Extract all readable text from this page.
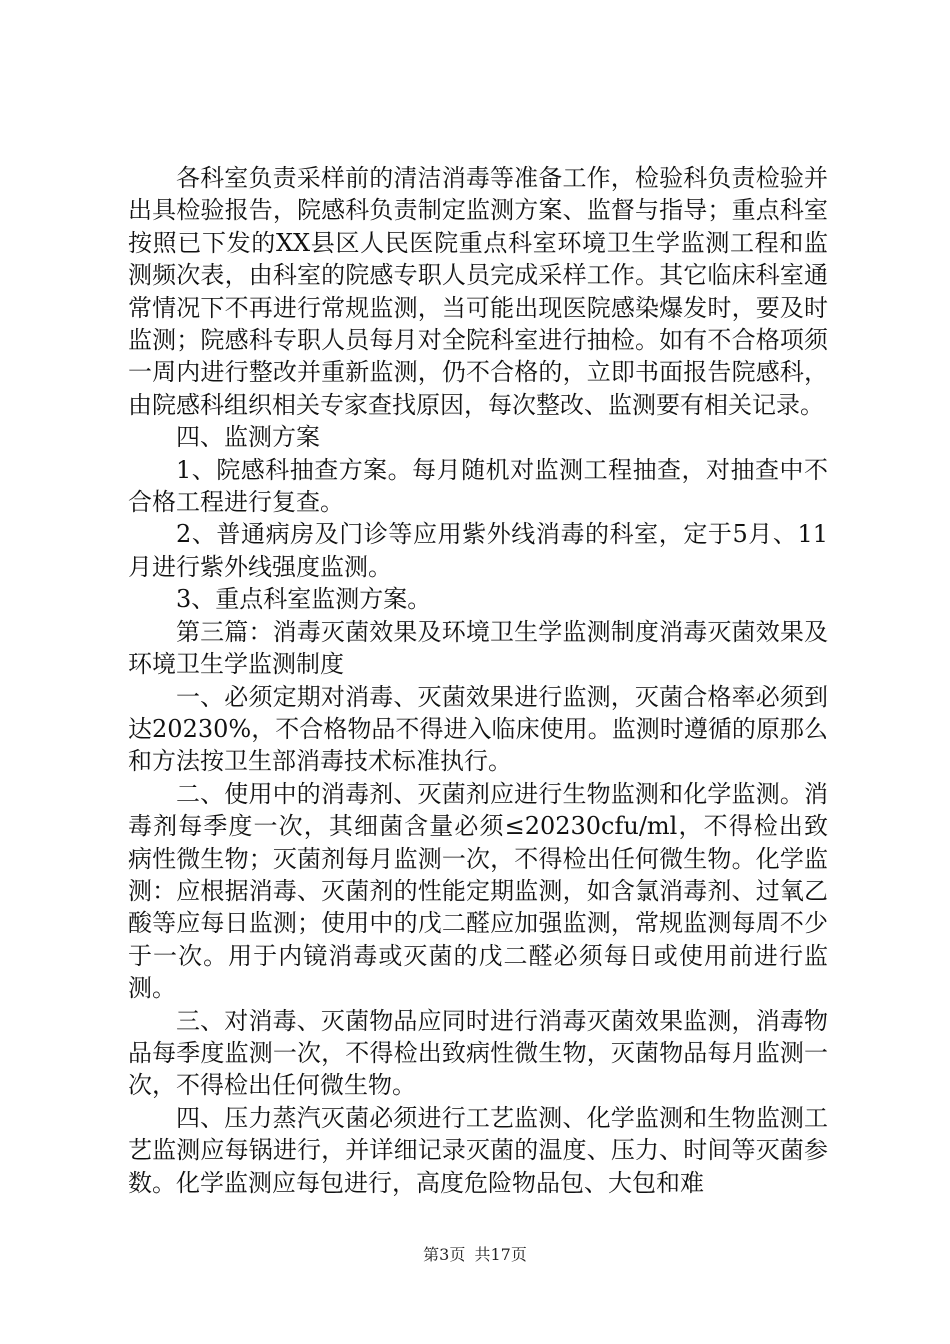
各科室负责采样前的清洁消毒等准备工作，检验科负责检验并出具检验报告，院感科负责制定监测方案、监督与指导；重点科室按照已下发的XX县区人民医院重点科室环境卫生学监测工程和监测频次表，由科室的院感专职人员完成采样工作。其它临床科室通常情况下不再进行常规监测，当可能出现医院感染爆发时，要及时监测；院感科专职人员每月对全院科室进行抽检。如有不合格项须一周内进行整改并重新监测，仍不合格的，立即书面报告院感科，由院感科组织相关专家查找原因，每次整改、监测要有相关记录。

四、监测方案

1、院感科抽查方案。每月随机对监测工程抽查，对抽查中不合格工程进行复查。

2、普通病房及门诊等应用紫外线消毒的科室，定于5月、11月进行紫外线强度监测。

3、重点科室监测方案。

第三篇：消毒灭菌效果及环境卫生学监测制度消毒灭菌效果及环境卫生学监测制度

一、必须定期对消毒、灭菌效果进行监测，灭菌合格率必须到达20230%，不合格物品不得进入临床使用。监测时遵循的原那么和方法按卫生部消毒技术标准执行。

二、使用中的消毒剂、灭菌剂应进行生物监测和化学监测。消毒剂每季度一次，其细菌含量必须≤20230cfu/ml，不得检出致病性微生物；灭菌剂每月监测一次，不得检出任何微生物。化学监测：应根据消毒、灭菌剂的性能定期监测，如含氯消毒剂、过氧乙酸等应每日监测；使用中的戊二醛应加强监测，常规监测每周不少于一次。用于内镜消毒或灭菌的戊二醛必须每日或使用前进行监测。

三、对消毒、灭菌物品应同时进行消毒灭菌效果监测，消毒物品每季度监测一次，不得检出致病性微生物，灭菌物品每月监测一次，不得检出任何微生物。

四、压力蒸汽灭菌必须进行工艺监测、化学监测和生物监测工艺监测应每锅进行，并详细记录灭菌的温度、压力、时间等灭菌参数。化学监测应每包进行，高度危险物品包、大包和难

第3页 共17页
